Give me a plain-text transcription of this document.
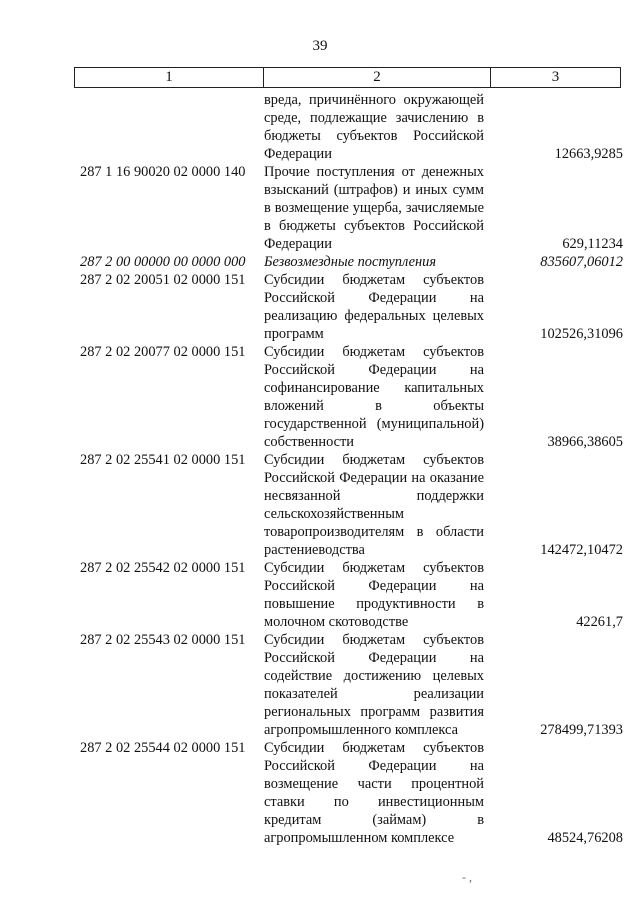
39
1	2	3
вреда, причинённого окружающей среде, подлежащие зачислению в бюджеты субъектов Российской Федерации	12663,9285
287 1 16 90020 02 0000 140 Прочие поступления от денежных взысканий (штрафов) и иных сумм в возмещение ущерба, зачисляемые в бюджеты субъектов Российской Федерации	629,11234
287 2 00 00000 00 0000 000 Безвозмездные поступления	835607,06012
287 2 02 20051 02 0000 151 Субсидии бюджетам субъектов Российской Федерации на реализацию федеральных целевых программ	102526,31096
287 2 02 20077 02 0000 151 Субсидии бюджетам субъектов Российской Федерации на софинансирование капитальных вложений в объекты государственной (муниципальной) собственности	38966,38605
287 2 02 25541 02 0000 151 Субсидии бюджетам субъектов Российской Федерации на оказание несвязанной поддержки сельскохозяйственным товаропроизводителям в области растениеводства	142472,10472
287 2 02 25542 02 0000 151 Субсидии бюджетам субъектов Российской Федерации на повышение продуктивности в молочном скотоводстве	42261,7
287 2 02 25543 02 0000 151 Субсидии бюджетам субъектов Российской Федерации на содействие достижению целевых показателей реализации региональных программ развития агропромышленного комплекса	278499,71393
287 2 02 25544 02 0000 151 Субсидии бюджетам субъектов Российской Федерации на возмещение части процентной ставки по инвестиционным кредитам (займам) в агропромышленном комплексе	48524,76208
- ,
